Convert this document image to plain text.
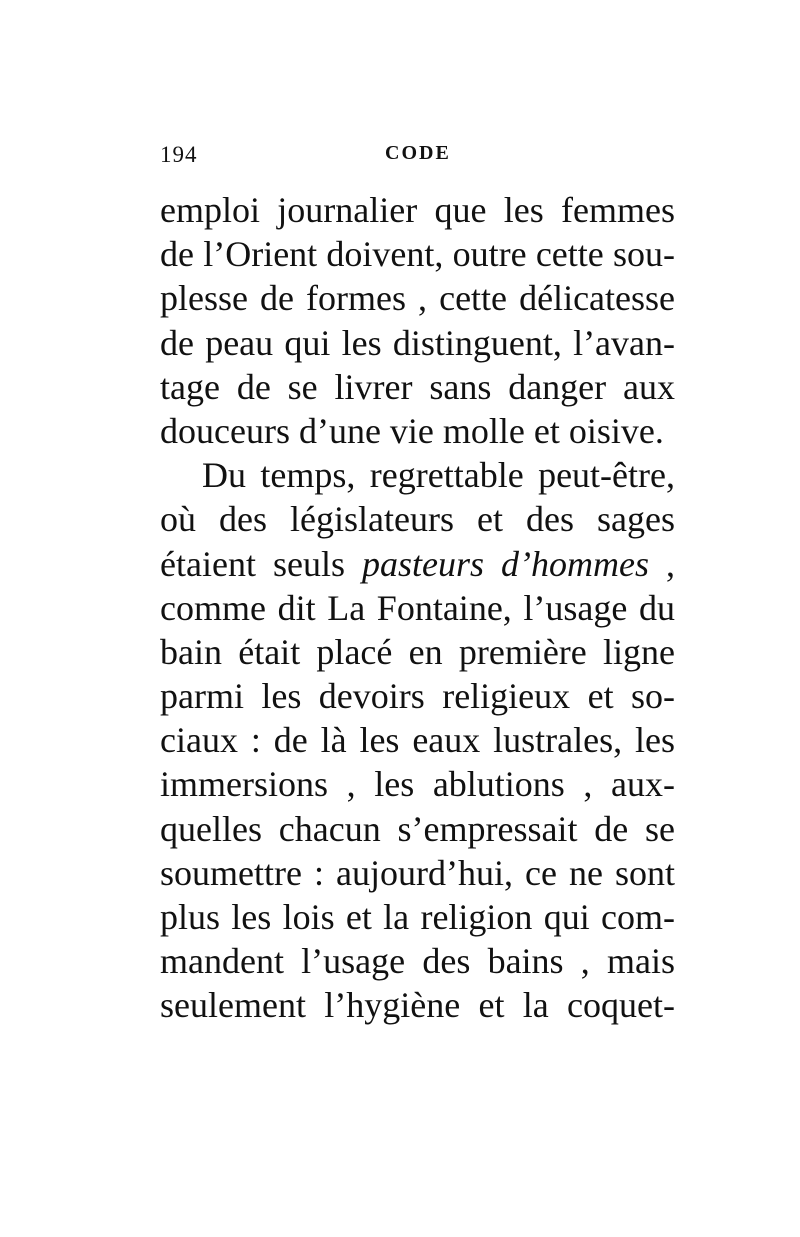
194	CODE
emploi journalier que les femmes
de l’Orient doivent, outre cette sou-
plesse de formes , cette délicatesse
de peau qui les distinguent, l’avan-
tage de se livrer sans danger aux
douceurs d’une vie molle et oisive.
Du temps, regrettable peut-être,
où des législateurs et des sages
étaient seuls pasteurs d’hommes ,
comme dit La Fontaine, l’usage du
bain était placé en première ligne
parmi les devoirs religieux et so-
ciaux : de là les eaux lustrales, les
immersions , les ablutions , aux-
quelles chacun s’empressait de se
soumettre : aujourd’hui, ce ne sont
plus les lois et la religion qui com-
mandent l’usage des bains , mais
seulement l’hygiène et la coquet-
